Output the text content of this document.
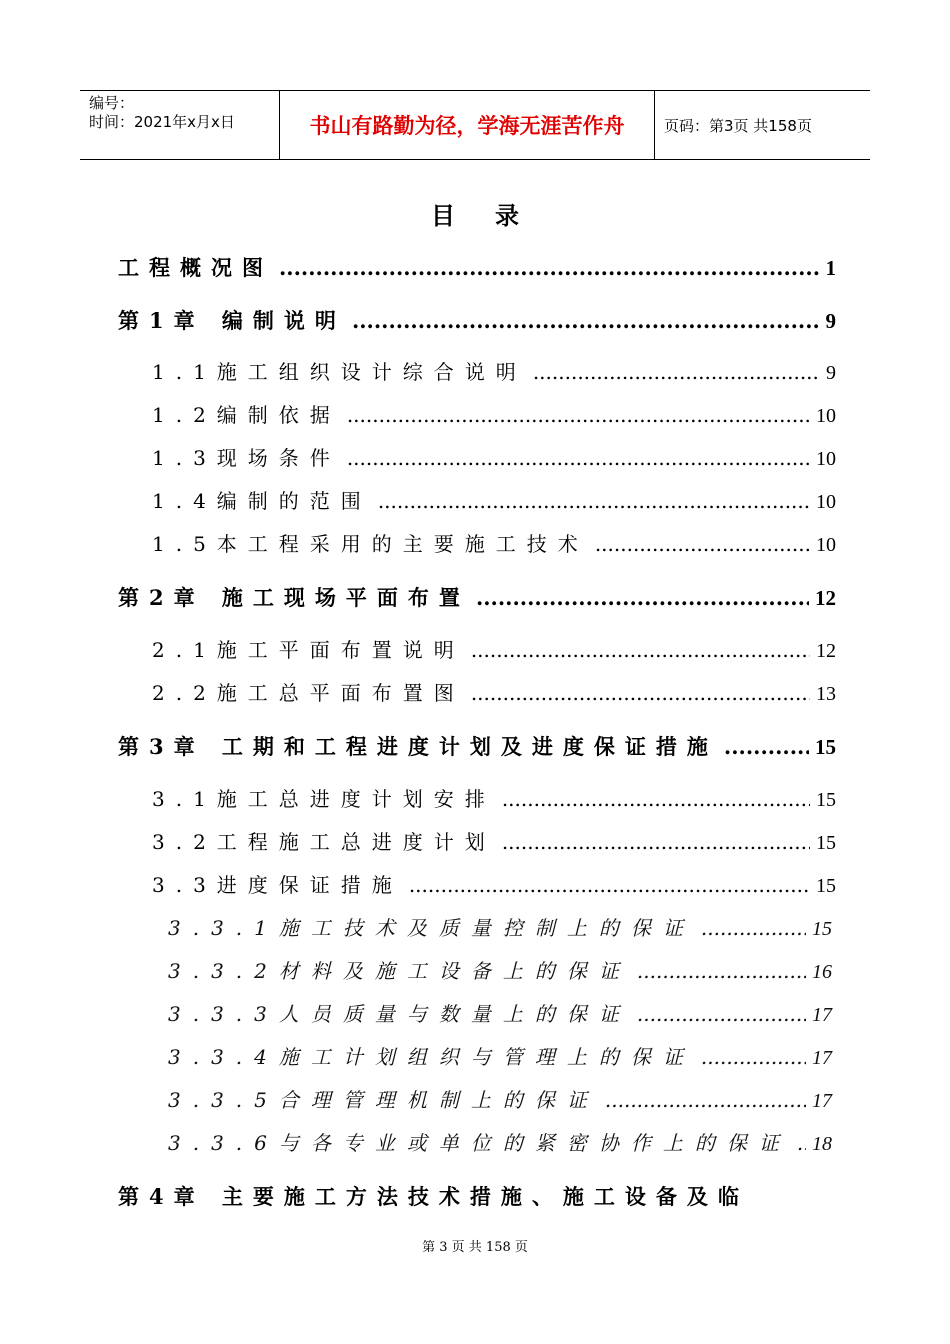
编号：
时间：2021年x月x日	书山有路勤为径，学海无涯苦作舟	页码：第3页 共158页
目录
工程概况图 .....	1
第1章 编制说明 .....	9
1.1施工组织设计综合说明 .....	9
1.2编制依据 .....	10
1.3现场条件 .....	10
1.4编制的范围 .....	10
1.5本工程采用的主要施工技术 .....	10
第2章 施工现场平面布置 .....	12
2.1施工平面布置说明 .....	12
2.2施工总平面布置图 .....	13
第3章 工期和工程进度计划及进度保证措施 .....	15
3.1施工总进度计划安排 .....	15
3.2工程施工总进度计划 .....	15
3.3进度保证措施 .....	15
3.3.1施工技术及质量控制上的保证 .....	15
3.3.2材料及施工设备上的保证 .....	16
3.3.3人员质量与数量上的保证 .....	17
3.3.4施工计划组织与管理上的保证 .....	17
3.3.5合理管理机制上的保证 .....	17
3.3.6与各专业或单位的紧密协作上的保证 ..... 18
第4章 主要施工方法技术措施、施工设备及临
第 3 页 共 158 页
